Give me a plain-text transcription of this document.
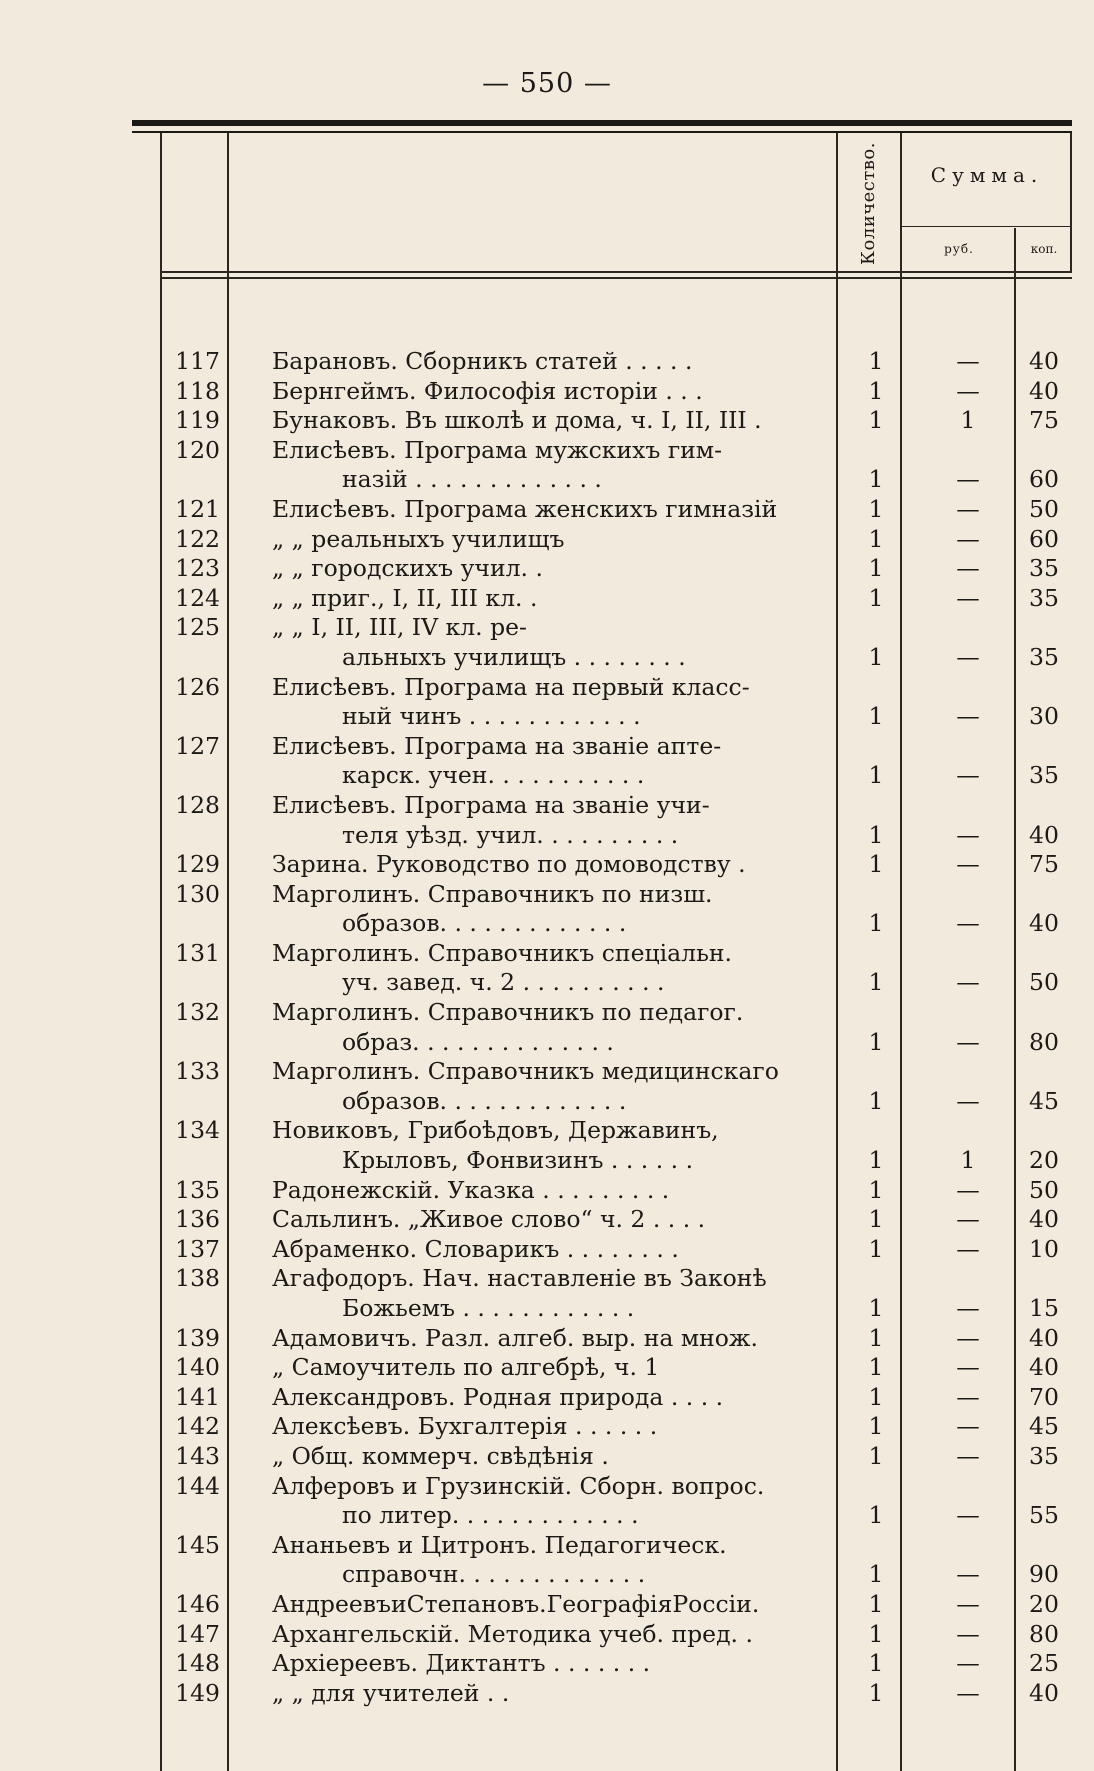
— 550 —
Количество.	Сумма.
руб.	коп.
117 Барановъ. Сборникъ статей . . . . .	1	—	40
118 Бернгеймъ. Философія исторіи . . .	1	—	40
119 Бунаковъ. Въ школѣ и дома, ч. I, II, III .	1	1	75
120 Елисѣевъ. Програма мужскихъ гим-
назій . . . . . . . . . . . . .	1	—	60
121 Елисѣевъ. Програма женскихъ гимназій	1	—	50
122 „ „ реальныхъ училищъ	1	—	60
123 „ „ городскихъ учил. .	1	—	35
124 „ „ приг., I, II, III кл. .	1	—	35
125 „ „ I, II, III, IV кл. ре-
альныхъ училищъ . . . . . . . .	1	—	35
126 Елисѣевъ. Програма на первый класс-
ный чинъ . . . . . . . . . . . .	1	—	30
127 Елисѣевъ. Програма на званіе апте-
карск. учен. . . . . . . . . . .	1	—	35
128 Елисѣевъ. Програма на званіе учи-
теля уѣзд. учил. . . . . . . . . .	1	—	40
129 Зарина. Руководство по домоводству .	1	—	75
130 Марголинъ. Справочникъ по низш.
образов. . . . . . . . . . . . .	1	—	40
131 Марголинъ. Справочникъ спеціальн.
уч. завед. ч. 2 . . . . . . . . . .	1	—	50
132 Марголинъ. Справочникъ по педагог.
образ. . . . . . . . . . . . . .	1	—	80
133 Марголинъ. Справочникъ медицинскаго
образов. . . . . . . . . . . . .	1	—	45
134 Новиковъ, Грибоѣдовъ, Державинъ,
Крыловъ, Фонвизинъ . . . . . .	1	1	20
135 Радонежскій. Указка . . . . . . . . .	1	—	50
136 Сальлинъ. „Живое слово“ ч. 2 . . . .	1	—	40
137 Абраменко. Словарикъ . . . . . . . .	1	—	10
138 Агафодоръ. Нач. наставленіе въ Законѣ
Божьемъ . . . . . . . . . . . .	1	—	15
139 Адамовичъ. Разл. алгеб. выр. на множ.	1	—	40
140 „ Самоучитель по алгебрѣ, ч. 1	1	—	40
141 Александровъ. Родная природа . . . .	1	—	70
142 Алексѣевъ. Бухгалтерія . . . . . .	1	—	45
143 „ Общ. коммерч. свѣдѣнія .	1	—	35
144 Алферовъ и Грузинскій. Сборн. вопрос.
по литер. . . . . . . . . . . . .	1	—	55
145 Ананьевъ и Цитронъ. Педагогическ.
справочн. . . . . . . . . . . . .	1	—	90
146 АндреевъиСтепановъ.ГеографіяРоссіи.	1	—	20
147 Архангельскій. Методика учеб. пред. .	1	—	80
148 Архіереевъ. Диктантъ . . . . . . .	1	—	25
149 „ „ для учителей . .	1	—	40
